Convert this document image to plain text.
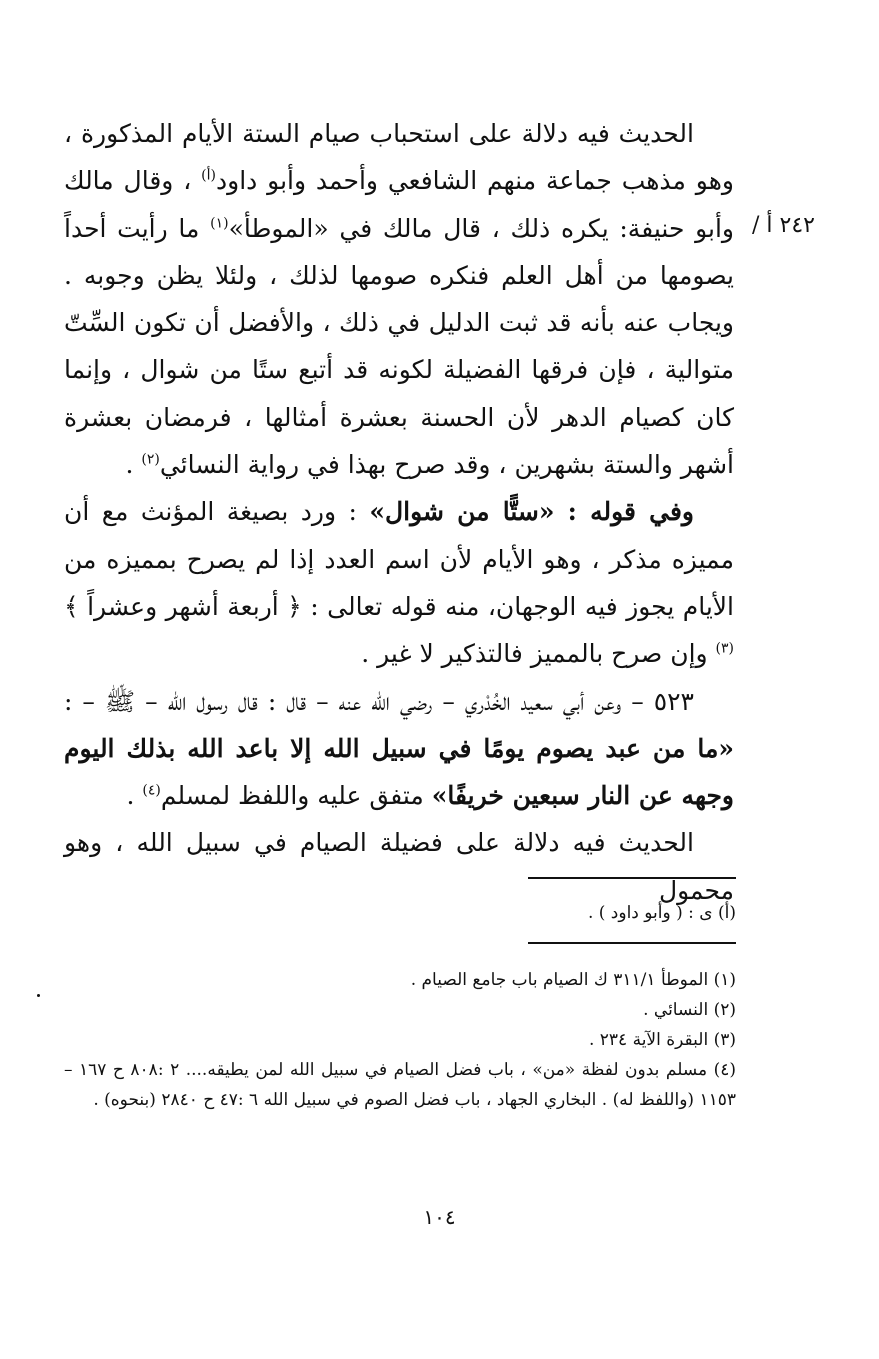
٢٤٢ أ /

الحديث فيه دلالة على استحباب صيام الستة الأيام المذكورة ، وهو مذهب جماعة منهم الشافعي وأحمد وأبو داود$^{(أ)}$ ، وقال مالك وأبو حنيفة: يكره ذلك ، قال مالك في «الموطأ»$^{(١)}$ ما رأيت أحداً يصومها من أهل العلم فنكره صومها لذلك ، ولئلا يظن وجوبه . ويجاب عنه بأنه قد ثبت الدليل في ذلك ، والأفضل أن تكون السِّتّ متوالية ، فإن فرقها الفضيلة لكونه قد أتبع ستًا من شوال ، وإنما كان كصيام الدهر لأن الحسنة بعشرة أمثالها ، فرمضان بعشرة أشهر والستة بشهرين ، وقد صرح بهذا في رواية النسائي$^{(٢)}$ .

وفي قوله : «ستًّا من شوال» : ورد بصيغة المؤنث مع أن مميزه مذكر ، وهو الأيام لأن اسم العدد إذا لم يصرح بمميزه من الأيام يجوز فيه الوجهان، منه قوله تعالى : ﴿ أربعة أشهر وعشراً ﴾$^{(٣)}$ وإن صرح بالمميز فالتذكير لا غير .

٥٢٣ – وعن أبي سعيد الخُدْري – رضي الله عنه – قال : قال رسول الله – ﷺ – : «ما من عبد يصوم يومًا في سبيل الله إلا باعد الله بذلك اليوم وجهه عن النار سبعين خريفًا» متفق عليه واللفظ لمسلم$^{(٤)}$ .

الحديث فيه دلالة على فضيلة الصيام في سبيل الله ، وهو محمول

(أ) ى : ( وأبو داود ) .

(١) الموطأ ٣١١/١ ك الصيام باب جامع الصيام .

(٢) النسائي .

(٣) البقرة الآية ٢٣٤ .

(٤) مسلم بدون لفظة «من» ، باب فضل الصيام في سبيل الله لمن يطيقه.... ٢ :٨٠٨ ح ١٦٧ – ١١٥٣ (واللفظ له) . البخاري الجهاد ، باب فضل الصوم في سبيل الله ٦ :٤٧ ح ٢٨٤٠ (بنحوه) .

١٠٤
